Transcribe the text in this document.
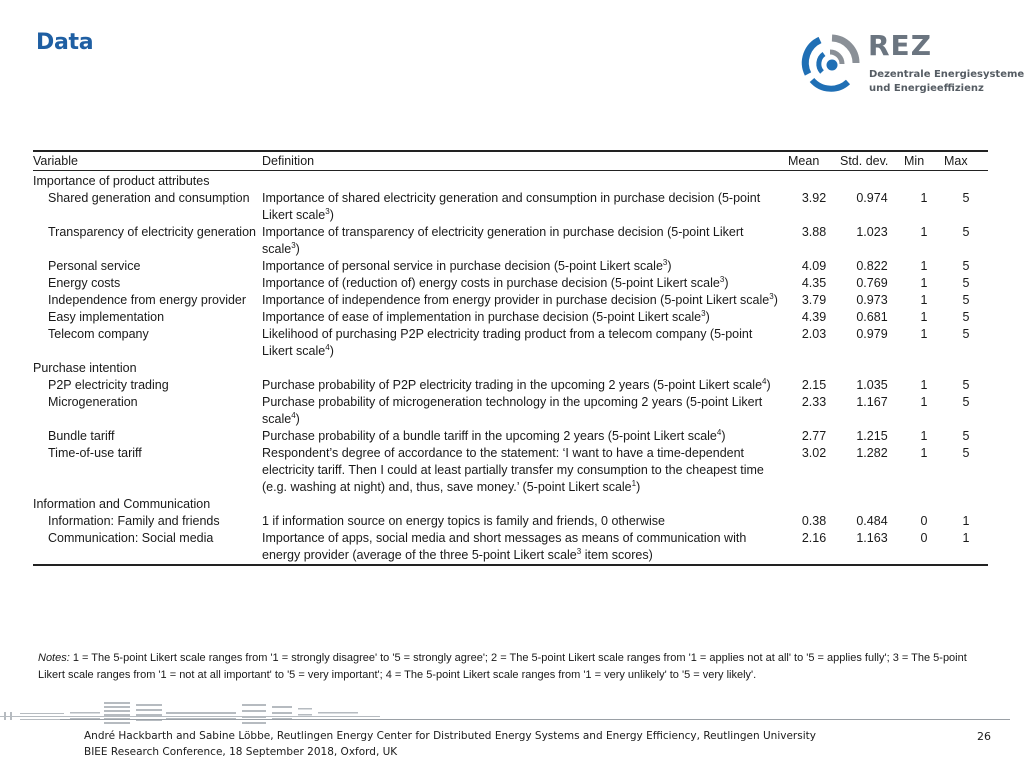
Data	REZ
Dezentrale Energiesysteme
und Energieeffizienz
Variable	Definition	Mean	Std. dev.	Min	Max
Importance of product attributes					
Shared generation and consumption	Importance of shared electricity generation and consumption in purchase decision (5-point Likert scale$^3$)	3.92	0.974	1	5
Transparency of electricity generation	Importance of transparency of electricity generation in purchase decision (5-point Likert scale$^3$)	3.88	1.023	1	5
Personal service	Importance of personal service in purchase decision (5-point Likert scale$^3$)	4.09	0.822	1	5
Energy costs	Importance of (reduction of) energy costs in purchase decision (5-point Likert scale$^3$)	4.35	0.769	1	5
Independence from energy provider	Importance of independence from energy provider in purchase decision (5-point Likert scale$^3$)	3.79	0.973	1	5
Easy implementation	Importance of ease of implementation in purchase decision (5-point Likert scale$^3$)	4.39	0.681	1	5
Telecom company	Likelihood of purchasing P2P electricity trading product from a telecom company (5-point Likert scale$^4$)	2.03	0.979	1	5
Purchase intention					
P2P electricity trading	Purchase probability of P2P electricity trading in the upcoming 2 years (5-point Likert scale$^4$)	2.15	1.035	1	5
Microgeneration	Purchase probability of microgeneration technology in the upcoming 2 years (5-point Likert scale$^4$)	2.33	1.167	1	5
Bundle tariff	Purchase probability of a bundle tariff in the upcoming 2 years (5-point Likert scale$^4$)	2.77	1.215	1	5
Time-of-use tariff	Respondent’s degree of accordance to the statement: ‘I want to have a time-dependent electricity tariff. Then I could at least partially transfer my consumption to the cheapest time (e.g. washing at night) and, thus, save money.’ (5-point Likert scale$^1$)	3.02	1.282	1	5
Information and Communication					
Information: Family and friends	1 if information source on energy topics is family and friends, 0 otherwise	0.38	0.484	0	1
Communication: Social media	Importance of apps, social media and short messages as means of communication with energy provider (average of the three 5-point Likert scale$^3$ item scores)	2.16	1.163	0	1

Notes: 1 = The 5-point Likert scale ranges from '1 = strongly disagree' to '5 = strongly agree'; 2 = The 5-point Likert scale ranges from '1 = applies not at all' to '5 = applies fully'; 3 = The 5-point Likert scale ranges from '1 = not at all important' to '5 = very important'; 4 = The 5-point Likert scale ranges from '1 = very unlikely' to '5 = very likely'.

André Hackbarth and Sabine Löbbe, Reutlingen Energy Center for Distributed Energy Systems and Energy Efficiency, Reutlingen University
BIEE Research Conference, 18 September 2018, Oxford, UK
26
